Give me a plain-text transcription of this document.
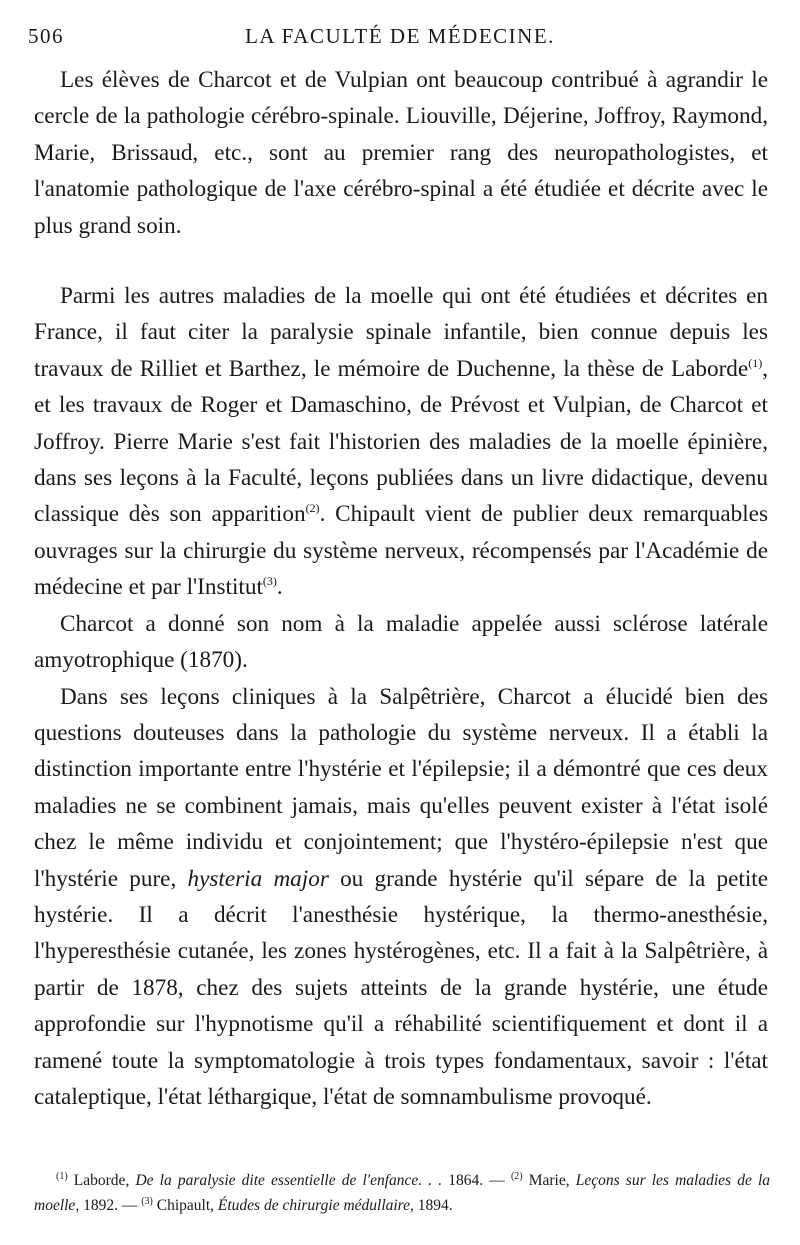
506	LA FACULTÉ DE MÉDECINE.

Les élèves de Charcot et de Vulpian ont beaucoup contribué à agrandir le cercle de la pathologie cérébro-spinale. Liouville, Déjerine, Joffroy, Raymond, Marie, Brissaud, etc., sont au premier rang des neuropathologistes, et l'anatomie pathologique de l'axe cérébro-spinal a été étudiée et décrite avec le plus grand soin.

Parmi les autres maladies de la moelle qui ont été étudiées et décrites en France, il faut citer la paralysie spinale infantile, bien connue depuis les travaux de Rilliet et Barthez, le mémoire de Duchenne, la thèse de Laborde$^{(1)}$, et les travaux de Roger et Damaschino, de Prévost et Vulpian, de Charcot et Joffroy. Pierre Marie s'est fait l'historien des maladies de la moelle épinière, dans ses leçons à la Faculté, leçons publiées dans un livre didactique, devenu classique dès son apparition$^{(2)}$. Chipault vient de publier deux remarquables ouvrages sur la chirurgie du système nerveux, récompensés par l'Académie de médecine et par l'Institut$^{(3)}$.

Charcot a donné son nom à la maladie appelée aussi sclérose latérale amyotrophique (1870).

Dans ses leçons cliniques à la Salpêtrière, Charcot a élucidé bien des questions douteuses dans la pathologie du système nerveux. Il a établi la distinction importante entre l'hystérie et l'épilepsie; il a démontré que ces deux maladies ne se combinent jamais, mais qu'elles peuvent exister à l'état isolé chez le même individu et conjointement; que l'hystéro-épilepsie n'est que l'hystérie pure, hysteria major ou grande hystérie qu'il sépare de la petite hystérie. Il a décrit l'anesthésie hystérique, la thermo-anesthésie, l'hyperesthésie cutanée, les zones hystérogènes, etc. Il a fait à la Salpêtrière, à partir de 1878, chez des sujets atteints de la grande hystérie, une étude approfondie sur l'hypnotisme qu'il a réhabilité scientifiquement et dont il a ramené toute la symptomatologie à trois types fondamentaux, savoir : l'état cataleptique, l'état léthargique, l'état de somnambulisme provoqué.

$^{(1)}$ Laborde, De la paralysie dite essentielle de l'enfance. . . 1864. — $^{(2)}$ Marie, Leçons sur les maladies de la moelle, 1892. — $^{(3)}$ Chipault, Études de chirurgie médullaire, 1894.
